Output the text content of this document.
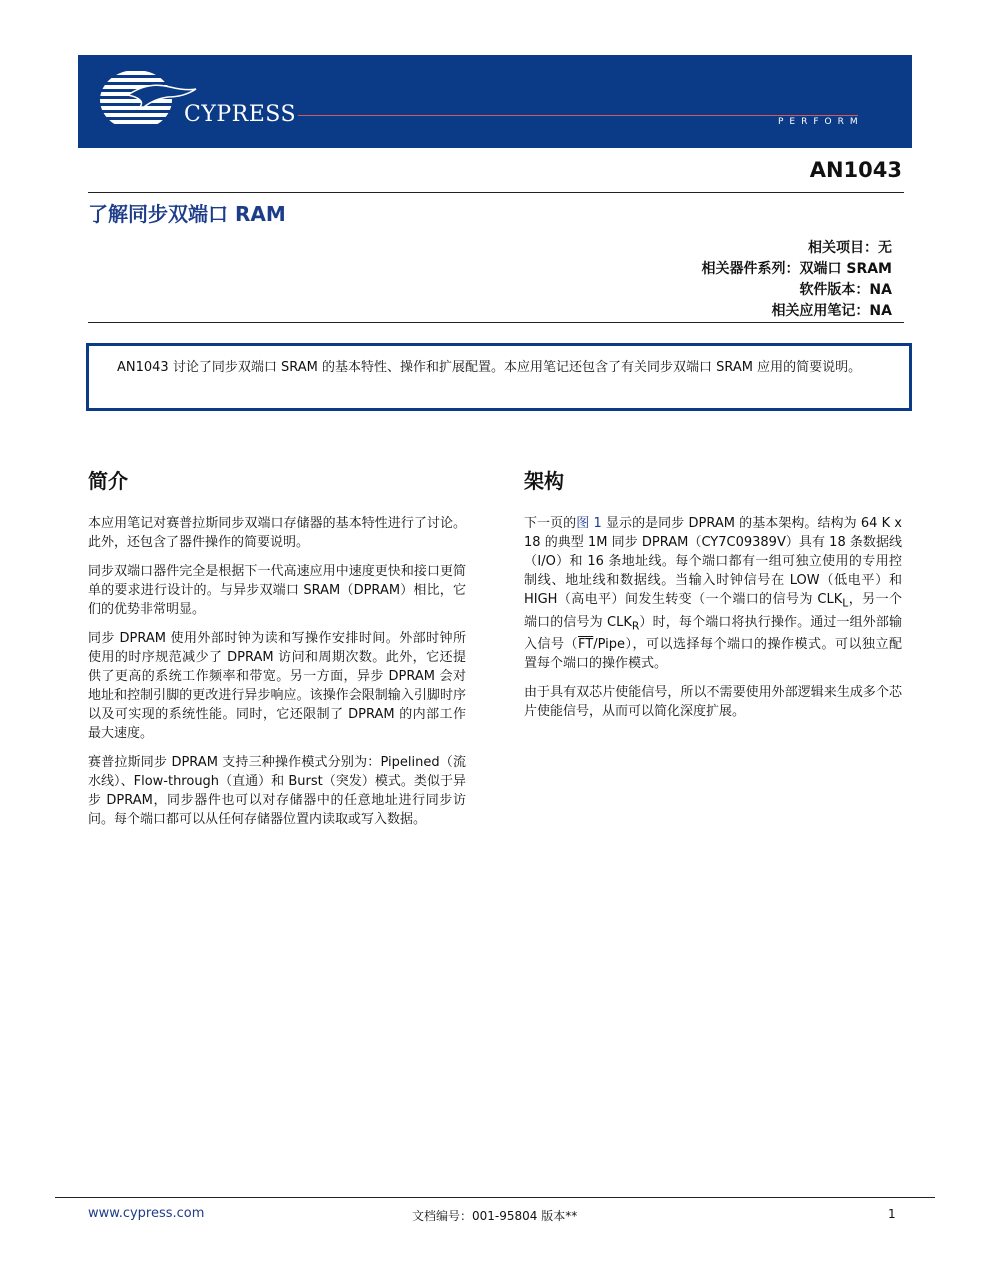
CYPRESS	PERFORM
AN1043
了解同步双端口 RAM
相关项目：无
相关器件系列：双端口 SRAM
软件版本：NA
相关应用笔记：NA
AN1043 讨论了同步双端口 SRAM 的基本特性、操作和扩展配置。本应用笔记还包含了有关同步双端口 SRAM 应用的简要说明。
简介

本应用笔记对赛普拉斯同步双端口存储器的基本特性进行了讨论。此外，还包含了器件操作的简要说明。

同步双端口器件完全是根据下一代高速应用中速度更快和接口更简单的要求进行设计的。与异步双端口 SRAM（DPRAM）相比，它们的优势非常明显。

同步 DPRAM 使用外部时钟为读和写操作安排时间。外部时钟所使用的时序规范减少了 DPRAM 访问和周期次数。此外，它还提供了更高的系统工作频率和带宽。另一方面，异步 DPRAM 会对地址和控制引脚的更改进行异步响应。该操作会限制输入引脚时序以及可实现的系统性能。同时，它还限制了 DPRAM 的内部工作最大速度。

赛普拉斯同步 DPRAM 支持三种操作模式分别为：Pipelined（流水线）、Flow-through（直通）和 Burst（突发）模式。类似于异步 DPRAM，同步器件也可以对存储器中的任意地址进行同步访问。每个端口都可以从任何存储器位置内读取或写入数据。

架构

下一页的图 1 显示的是同步 DPRAM 的基本架构。结构为 64 K x 18 的典型 1M 同步 DPRAM（CY7C09389V）具有 18 条数据线（I/O）和 16 条地址线。每个端口都有一组可独立使用的专用控制线、地址线和数据线。当输入时钟信号在 LOW（低电平）和 HIGH（高电平）间发生转变（一个端口的信号为 $CLK_L$，另一个端口的信号为 $CLK_R$）时，每个端口将执行操作。通过一组外部输入信号$(\overline{FT}/Pipe)$，可以选择每个端口的操作模式。可以独立配置每个端口的操作模式。

由于具有双芯片使能信号，所以不需要使用外部逻辑来生成多个芯片使能信号，从而可以简化深度扩展。

www.cypress.com	文档编号：001-95804 版本**	1
